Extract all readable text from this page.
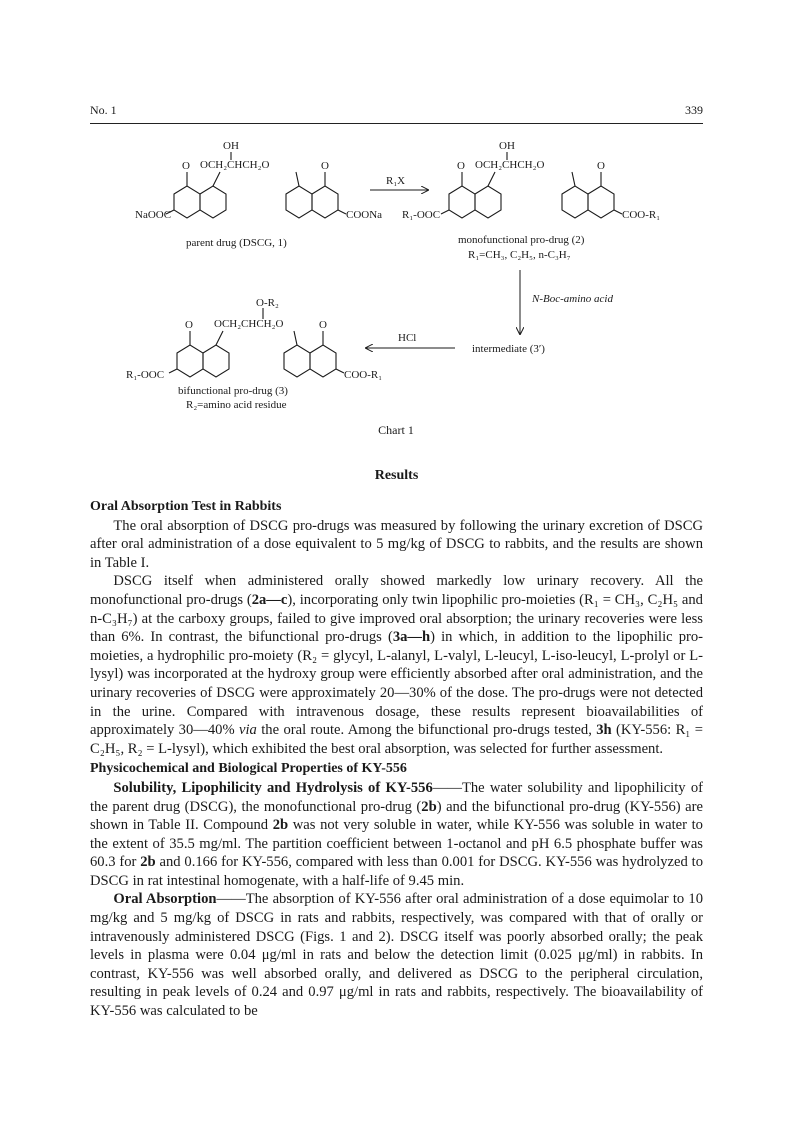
No. 1	339
O	O
OH
OCH₂CHCH₂O
NaOOC	COONa
parent drug (DSCG, 1)
R₁X
O	O
OH
OCH₂CHCH₂O
R₁-OOC	COO-R₁
monofunctional pro-drug (2)
R₁=CH₃, C₂H₅, n-C₃H₇
N-Boc-amino acid
intermediate (3′)
HCl
O	O
O-R₂
OCH₂CHCH₂O
R₁-OOC	COO-R₁
bifunctional pro-drug (3)
R₂=amino acid residue
Chart 1
Results
Oral Absorption Test in Rabbits

The oral absorption of DSCG pro-drugs was measured by following the urinary excretion of DSCG after oral administration of a dose equivalent to 5 mg/kg of DSCG to rabbits, and the results are shown in Table I.

DSCG itself when administered orally showed markedly low urinary recovery. All the monofunctional pro-drugs (2a—c), incorporating only twin lipophilic pro-moieties (R₁ = CH₃, C₂H₅ and n-C₃H₇) at the carboxy groups, failed to give improved oral absorption; the urinary recoveries were less than 6%. In contrast, the bifunctional pro-drugs (3a—h) in which, in addition to the lipophilic pro-moieties, a hydrophilic pro-moiety (R₂ = glycyl, L-alanyl, L-valyl, L-leucyl, L-iso-leucyl, L-prolyl or L-lysyl) was incorporated at the hydroxy group were efficiently absorbed after oral administration, and the urinary recoveries of DSCG were approximately 20—30% of the dose. The pro-drugs were not detected in the urine. Compared with intravenous dosage, these results represent bioavailabilities of approximately 30—40% via the oral route. Among the bifunctional pro-drugs tested, 3h (KY-556: R₁ = C₂H₅, R₂ = L-lysyl), which exhibited the best oral absorption, was selected for further assessment.

Physicochemical and Biological Properties of KY-556

Solubility, Lipophilicity and Hydrolysis of KY-556——The water solubility and lipophilicity of the parent drug (DSCG), the monofunctional pro-drug (2b) and the bifunctional pro-drug (KY-556) are shown in Table II. Compound 2b was not very soluble in water, while KY-556 was soluble in water to the extent of 35.5 mg/ml. The partition coefficient between 1-octanol and pH 6.5 phosphate buffer was 60.3 for 2b and 0.166 for KY-556, compared with less than 0.001 for DSCG. KY-556 was hydrolyzed to DSCG in rat intestinal homogenate, with a half-life of 9.45 min.

Oral Absorption——The absorption of KY-556 after oral administration of a dose equimolar to 10 mg/kg and 5 mg/kg of DSCG in rats and rabbits, respectively, was compared with that of orally or intravenously administered DSCG (Figs. 1 and 2). DSCG itself was poorly absorbed orally; the peak levels in plasma were 0.04 μg/ml in rats and below the detection limit (0.025 μg/ml) in rabbits. In contrast, KY-556 was well absorbed orally, and delivered as DSCG to the peripheral circulation, resulting in peak levels of 0.24 and 0.97 μg/ml in rats and rabbits, respectively. The bioavailability of KY-556 was calculated to be
